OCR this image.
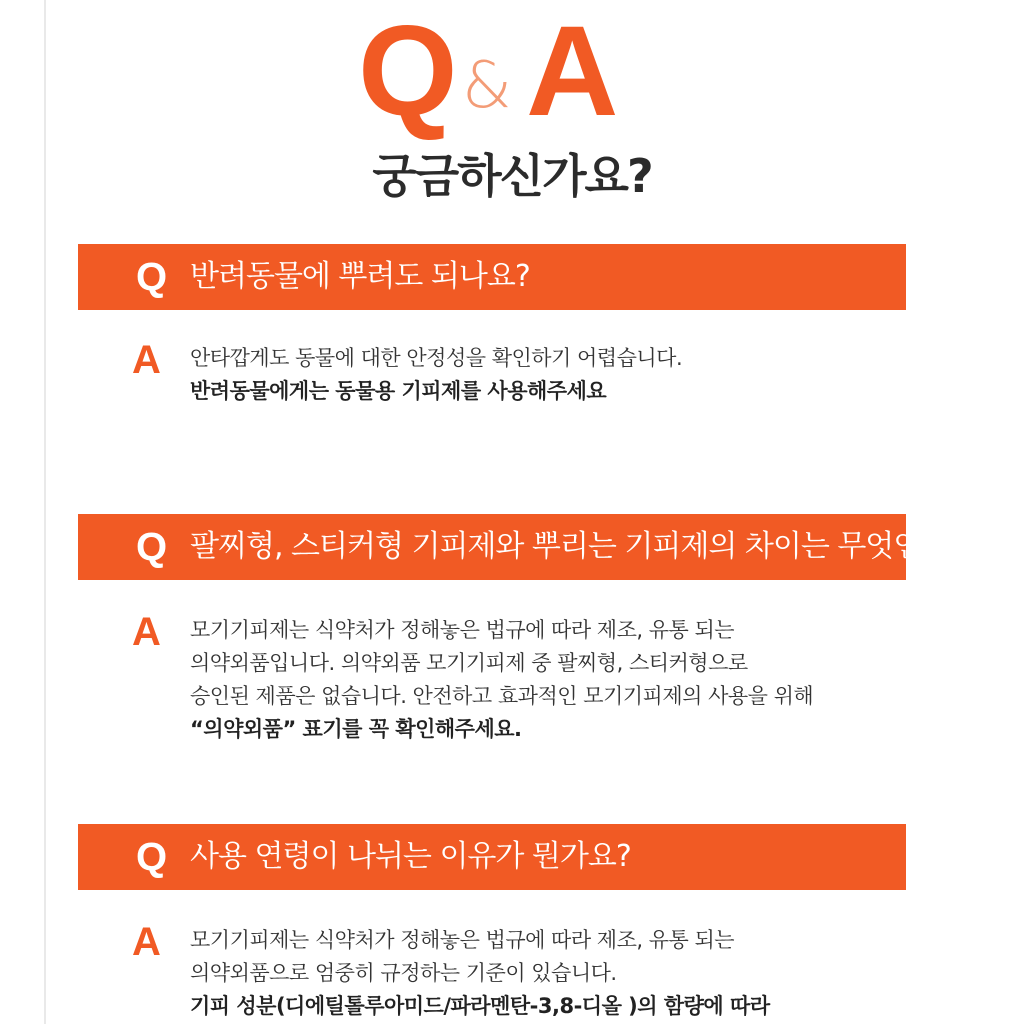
Q & A
궁금하신가요?
Q 반려동물에 뿌려도 되나요?
A 안타깝게도 동물에 대한 안정성을 확인하기 어렵습니다.
반려동물에게는 동물용 기피제를 사용해주세요
Q 팔찌형, 스티커형 기피제와 뿌리는 기피제의 차이는 무엇인가요?
A 모기기피제는 식약처가 정해놓은 법규에 따라 제조, 유통 되는
의약외품입니다. 의약외품 모기기피제 중 팔찌형, 스티커형으로
승인된 제품은 없습니다. 안전하고 효과적인 모기기피제의 사용을 위해
“의약외품” 표기를 꼭 확인해주세요.
Q 사용 연령이 나뉘는 이유가 뭔가요?
A 모기기피제는 식약처가 정해놓은 법규에 따라 제조, 유통 되는
의약외품으로 엄중히 규정하는 기준이 있습니다.
기피 성분(디에틸톨루아미드/파라멘탄-3,8-디올 )의 함량에 따라
